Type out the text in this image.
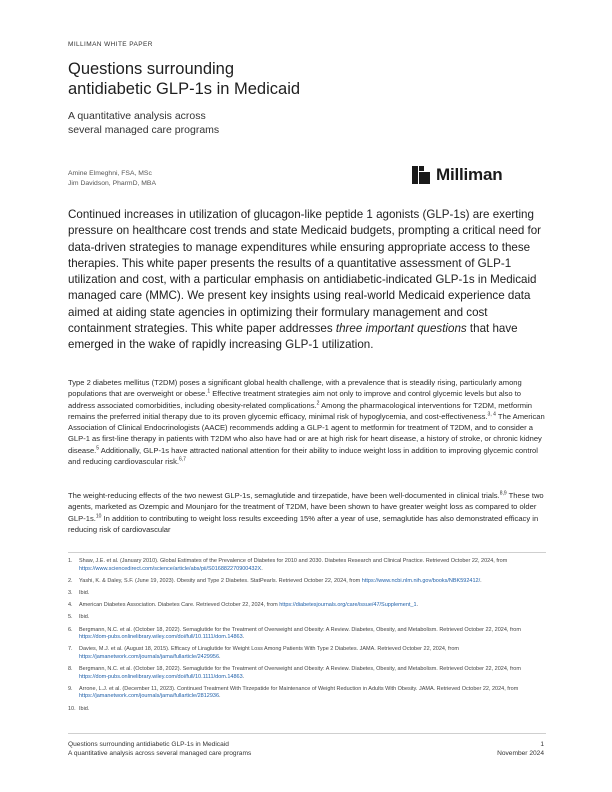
MILLIMAN WHITE PAPER
Questions surrounding
antidiabetic GLP-1s in Medicaid
A quantitative analysis across
several managed care programs
Amine Elmeghni, FSA, MSc
Jim Davidson, PharmD, MBA	Milliman

Continued increases in utilization of glucagon-like peptide 1 agonists (GLP-1s) are exerting pressure on healthcare cost trends and state Medicaid budgets, prompting a critical need for data-driven strategies to manage expenditures while ensuring appropriate access to these therapies. This white paper presents the results of a quantitative assessment of GLP-1 utilization and cost, with a particular emphasis on antidiabetic-indicated GLP-1s in Medicaid managed care (MMC). We present key insights using real-world Medicaid experience data aimed at aiding state agencies in optimizing their formulary management and cost containment strategies. This white paper addresses three important questions that have emerged in the wake of rapidly increasing GLP-1 utilization.

Type 2 diabetes mellitus (T2DM) poses a significant global health challenge, with a prevalence that is steadily rising, particularly among populations that are overweight or obese.$^1$ Effective treatment strategies aim not only to improve and control glycemic levels but also to address associated comorbidities, including obesity-related complications.$^2$ Among the pharmacological interventions for T2DM, metformin remains the preferred initial therapy due to its proven glycemic efficacy, minimal risk of hypoglycemia, and cost-effectiveness.$^{3, 4}$ The American Association of Clinical Endocrinologists (AACE) recommends adding a GLP-1 agent to metformin for treatment of T2DM, and to consider a GLP-1 as first-line therapy in patients with T2DM who also have had or are at high risk for heart disease, a history of stroke, or chronic kidney disease.$^5$ Additionally, GLP-1s have attracted national attention for their ability to induce weight loss in addition to improving glycemic control and reducing cardiovascular risk.$^{6,7}$

The weight-reducing effects of the two newest GLP-1s, semaglutide and tirzepatide, have been well-documented in clinical trials.$^{8,9}$ These two agents, marketed as Ozempic and Mounjaro for the treatment of T2DM, have been shown to have greater weight loss as compared to older GLP-1s.$^{10}$ In addition to contributing to weight loss results exceeding 15% after a year of use, semaglutide has also demonstrated efficacy in reducing risk of cardiovascular

1.	Shaw, J.E. et al. (January 2010). Global Estimates of the Prevalence of Diabetes for 2010 and 2030. Diabetes Research and Clinical Practice. Retrieved October 22, 2024, from https://www.sciencedirect.com/science/article/abs/pii/S016882270900432X.
2.	Yashi, K. & Daley, S.F. (June 19, 2023). Obesity and Type 2 Diabetes. StatPearls. Retrieved October 22, 2024, from https://www.ncbi.nlm.nih.gov/books/NBK592412/.
3.	Ibid.
4.	American Diabetes Association. Diabetes Care. Retrieved October 22, 2024, from https://diabetesjournals.org/care/issue/47/Supplement_1.
5.	Ibid.
6.	Bergmann, N.C. et al. (October 18, 2022). Semaglutide for the Treatment of Overweight and Obesity: A Review. Diabetes, Obesity, and Metabolism. Retrieved October 22, 2024, from https://dom-pubs.onlinelibrary.wiley.com/doi/full/10.1111/dom.14863.
7.	Davies, M.J. et al. (August 18, 2015). Efficacy of Liraglutide for Weight Loss Among Patients With Type 2 Diabetes. JAMA. Retrieved October 22, 2024, from https://jamanetwork.com/journals/jama/fullarticle/2429956.
8.	Bergmann, N.C. et al. (October 18, 2022). Semaglutide for the Treatment of Overweight and Obesity: A Review. Diabetes, Obesity, and Metabolism. Retrieved October 22, 2024, from https://dom-pubs.onlinelibrary.wiley.com/doi/full/10.1111/dom.14863.
9.	Arrone, L.J. et al. (December 11, 2023). Continued Treatment With Tirzepatide for Maintenance of Weight Reduction in Adults With Obesity. JAMA. Retrieved October 22, 2024, from https://jamanetwork.com/journals/jama/fullarticle/2812936.
10. Ibid.
Questions surrounding antidiabetic GLP-1s in Medicaid
A quantitative analysis across several managed care programs
1
November 2024
